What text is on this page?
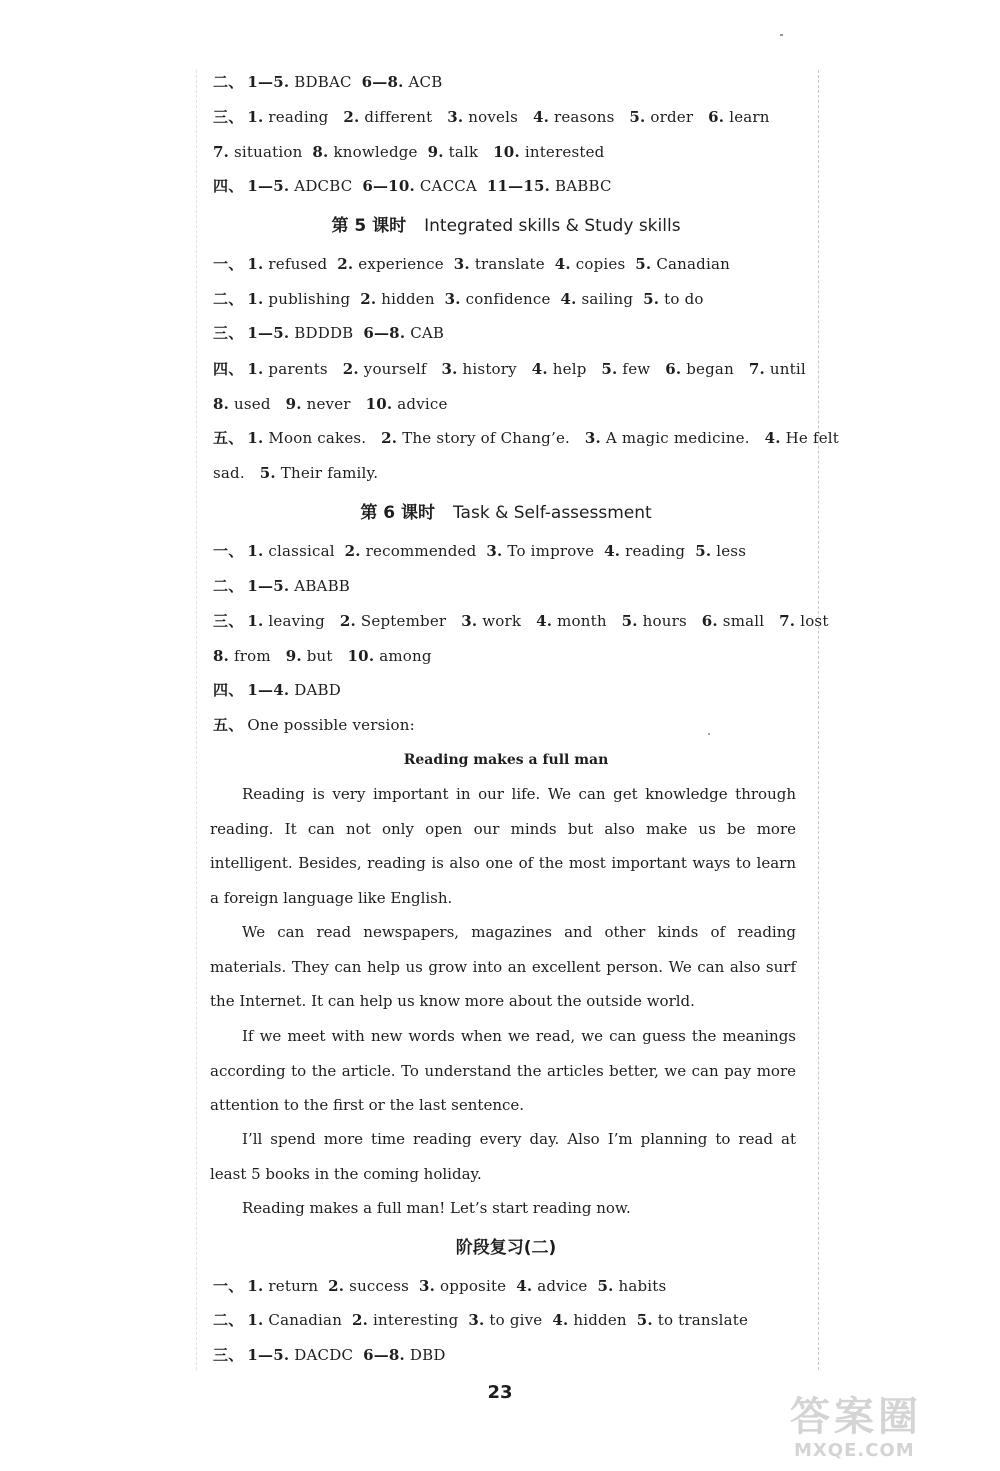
二、 1—5. BDBAC  6—8. ACB
三、 1. reading   2. different   3. novels   4. reasons   5. order   6. learn
7. situation  8. knowledge  9. talk   10. interested
四、 1—5. ADCBC  6—10. CACCA  11—15. BABBC
第 5 课时 Integrated skills & Study skills
一、 1. refused  2. experience  3. translate  4. copies  5. Canadian
二、 1. publishing  2. hidden  3. confidence  4. sailing  5. to do
三、 1—5. BDDDB  6—8. CAB
四、 1. parents   2. yourself   3. history   4. help   5. few   6. began   7. until
8. used   9. never   10. advice
五、 1. Moon cakes.   2. The story of Chang’e.   3. A magic medicine.   4. He felt
sad.   5. Their family.
第 6 课时 Task & Self-assessment
一、 1. classical  2. recommended  3. To improve  4. reading  5. less
二、 1—5. ABABB
三、 1. leaving   2. September   3. work   4. month   5. hours   6. small   7. lost
8. from   9. but   10. among
四、 1—4. DABD
五、 One possible version:
Reading makes a full man
Reading is very important in our life. We can get knowledge through reading. It can not only open our minds but also make us be more intelligent. Besides, reading is also one of the most important ways to learn a foreign language like English.
We can read newspapers, magazines and other kinds of reading materials. They can help us grow into an excellent person. We can also surf the Internet. It can help us know more about the outside world.
If we meet with new words when we read, we can guess the meanings according to the article. To understand the articles better, we can pay more attention to the first or the last sentence.
I’ll spend more time reading every day. Also I’m planning to read at least 5 books in the coming holiday.
Reading makes a full man! Let’s start reading now.
阶段复习(二)
一、 1. return  2. success  3. opposite  4. advice  5. habits
二、 1. Canadian  2. interesting  3. to give  4. hidden  5. to translate
三、 1—5. DACDC  6—8. DBD
23
答案圈
MXQE.COM
